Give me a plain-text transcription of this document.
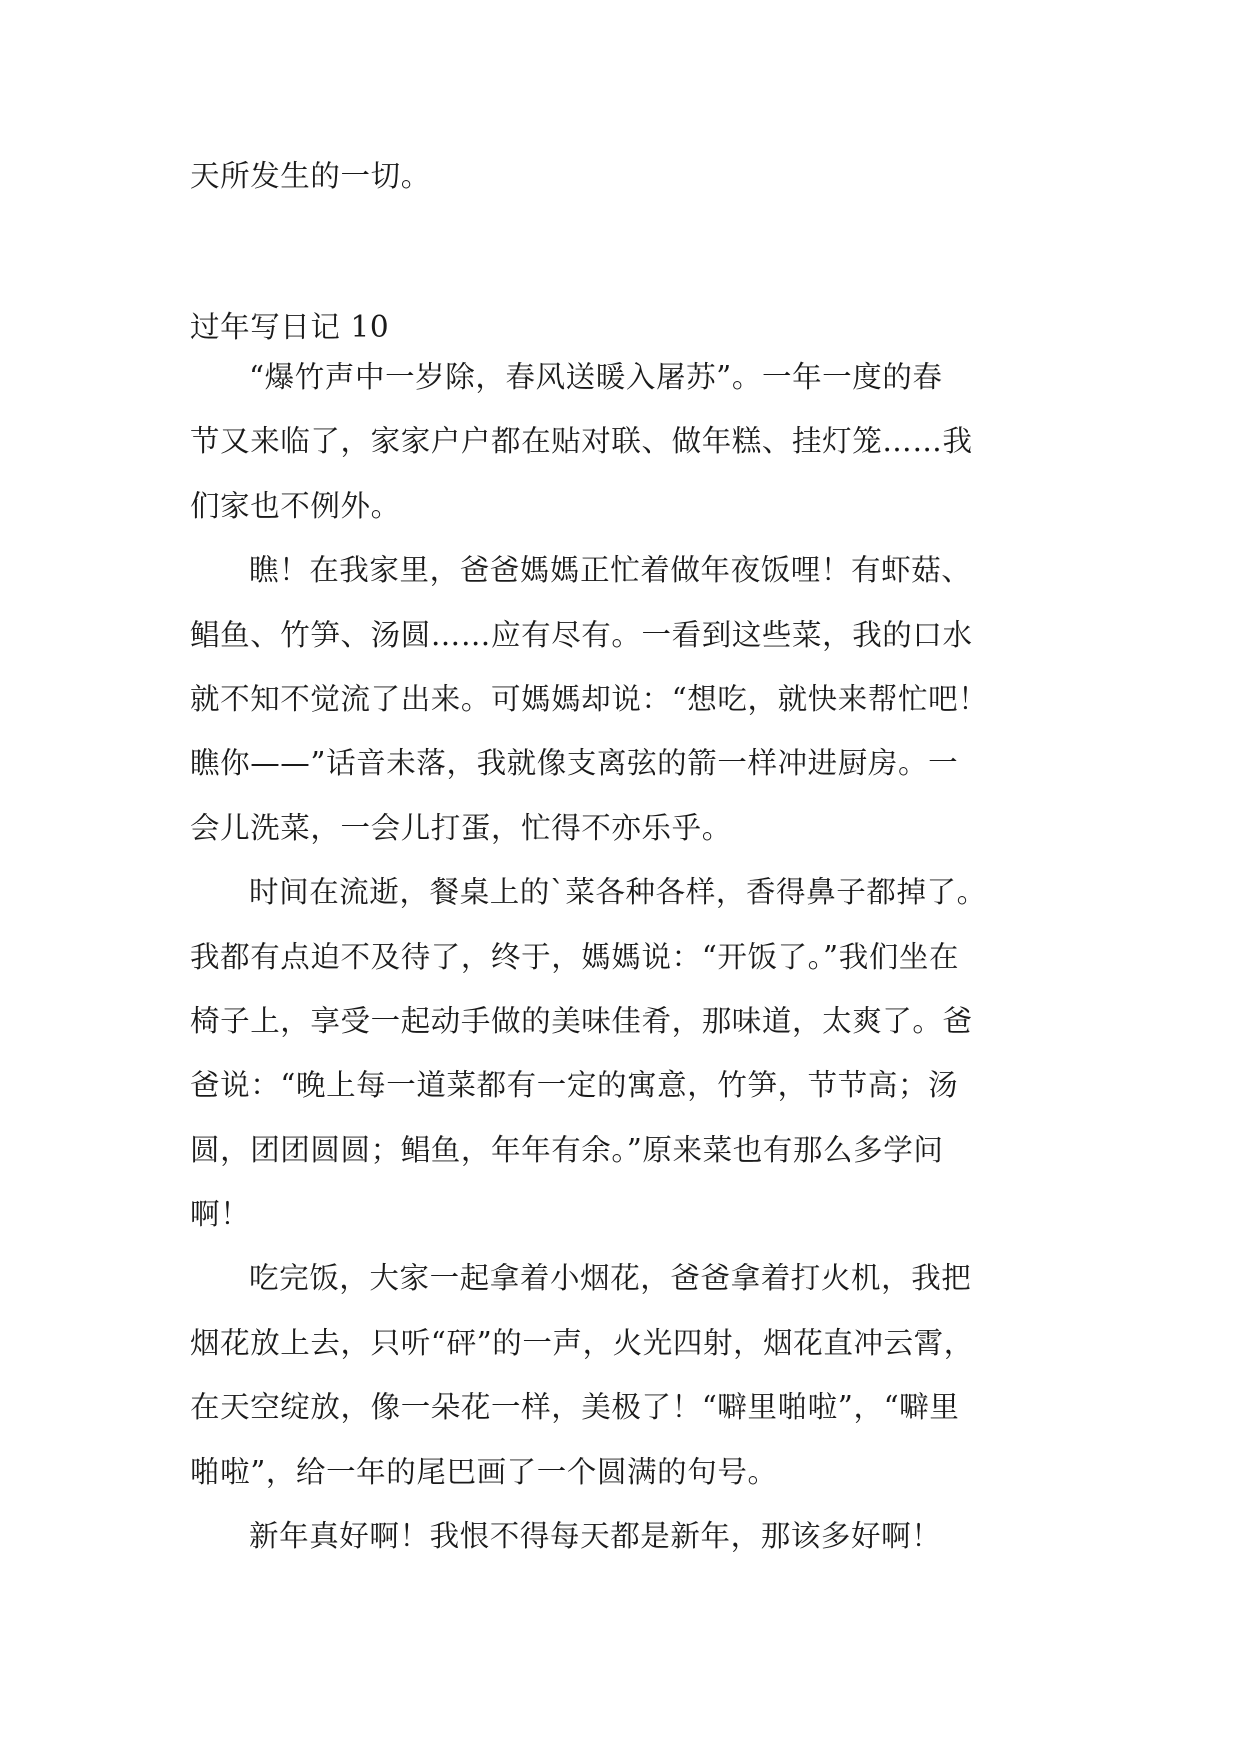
天所发生的一切。
过年写日记 10
“爆竹声中一岁除，春风送暖入屠苏”。一年一度的春
节又来临了，家家户户都在贴对联、做年糕、挂灯笼……我
们家也不例外。
瞧！在我家里，爸爸媽媽正忙着做年夜饭哩！有虾菇、
鲳鱼、竹笋、汤圆……应有尽有。一看到这些菜，我的口水
就不知不觉流了出来。可媽媽却说：“想吃，就快来帮忙吧！
瞧你——”话音未落，我就像支离弦的箭一样冲进厨房。一
会儿洗菜，一会儿打蛋，忙得不亦乐乎。
时间在流逝，餐桌上的`菜各种各样，香得鼻子都掉了。
我都有点迫不及待了，终于，媽媽说：“开饭了。”我们坐在
椅子上，享受一起动手做的美味佳肴，那味道，太爽了。爸
爸说：“晚上每一道菜都有一定的寓意，竹笋，节节高；汤
圆，团团圆圆；鲳鱼，年年有余。”原来菜也有那么多学问
啊！
吃完饭，大家一起拿着小烟花，爸爸拿着打火机，我把
烟花放上去，只听“砰”的一声，火光四射，烟花直冲云霄，
在天空绽放，像一朵花一样，美极了！“噼里啪啦”，“噼里
啪啦”，给一年的尾巴画了一个圆满的句号。
新年真好啊！我恨不得每天都是新年，那该多好啊！
